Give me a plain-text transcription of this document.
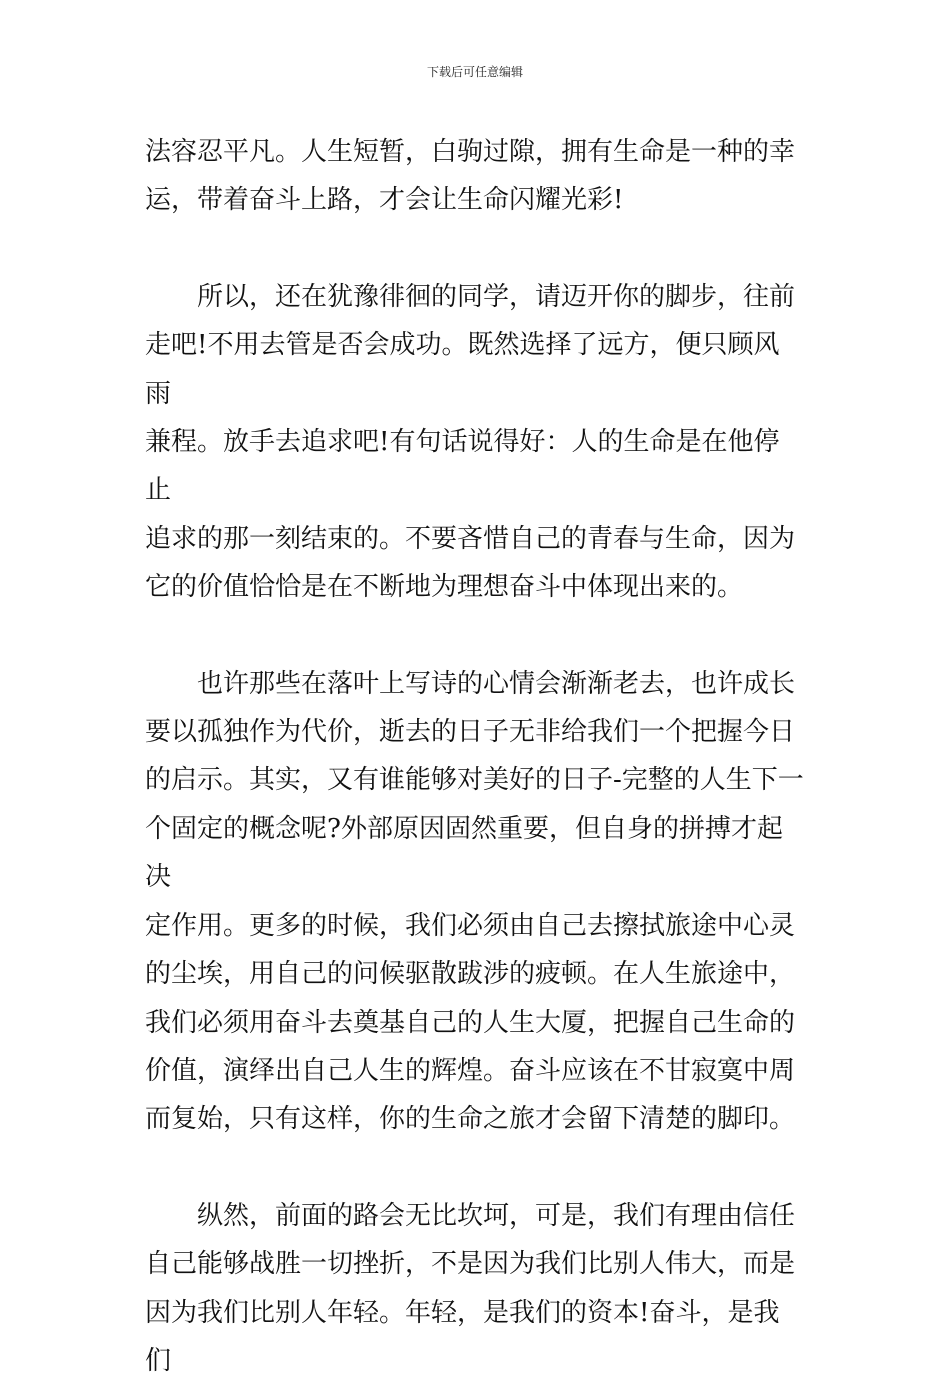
下载后可任意编辑

法容忍平凡。人生短暂，白驹过隙，拥有生命是一种的幸
运，带着奋斗上路，才会让生命闪耀光彩!

　　所以，还在犹豫徘徊的同学，请迈开你的脚步，往前
走吧!不用去管是否会成功。既然选择了远方，便只顾风雨
兼程。放手去追求吧!有句话说得好：人的生命是在他停止
追求的那一刻结束的。不要吝惜自己的青春与生命，因为
它的价值恰恰是在不断地为理想奋斗中体现出来的。

　　也许那些在落叶上写诗的心情会渐渐老去，也许成长
要以孤独作为代价，逝去的日子无非给我们一个把握今日
的启示。其实，又有谁能够对美好的日子-完整的人生下一
个固定的概念呢?外部原因固然重要，但自身的拼搏才起决
定作用。更多的时候，我们必须由自己去擦拭旅途中心灵
的尘埃，用自己的问候驱散跋涉的疲顿。在人生旅途中，
我们必须用奋斗去奠基自己的人生大厦，把握自己生命的
价值，演绎出自己人生的辉煌。奋斗应该在不甘寂寞中周
而复始，只有这样，你的生命之旅才会留下清楚的脚印。

　　纵然，前面的路会无比坎坷，可是，我们有理由信任
自己能够战胜一切挫折，不是因为我们比别人伟大，而是
因为我们比别人年轻。年轻，是我们的资本!奋斗，是我们
